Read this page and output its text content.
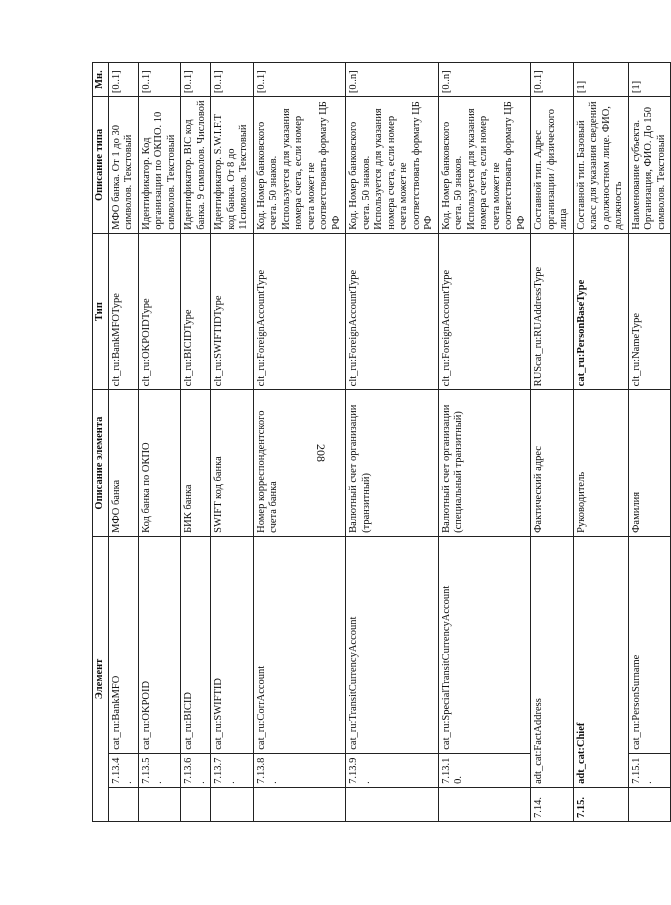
208
Элемент			Описание элемента	Тип	Описание типа	Мн.
	7.13.4.	cat_ru:BankMFO	МФО банка	clt_ru:BankMFOType	МФО банка. От 1 до 30 символов. Текстовый	[0..1]
	7.13.5.	cat_ru:OKPOID	Код банка по ОКПО	clt_ru:OKPOIDType	Идентификатор. Код организации по ОКПО. 10 символов. Текстовый	[0..1]
	7.13.6.	cat_ru:BICID	БИК банка	clt_ru:BICIDType	Идентификатор. BIC код банка. 9 символов. Числовой	[0..1]
	7.13.7.	cat_ru:SWIFTID	SWIFT код банка	clt_ru:SWIFTIDType	Идентификатор. S.W.I.F.T код банка. От 8 до 11символов. Текстовый	[0..1]
	7.13.8.	cat_ru:CorrAccount	Номер корреспондентского счета банка	clt_ru:ForeignAccountType	Код. Номер банковского счета. 50 знаков. Используется для указания номера счета, если номер счета может не соответствовать формату ЦБ РФ	[0..1]
	7.13.9.	cat_ru:TransitCurrencyAccount	Валютный счет организации (транзитный)	clt_ru:ForeignAccountType	Код. Номер банковского счета. 50 знаков. Используется для указания номера счета, если номер счета может не соответствовать формату ЦБ РФ	[0..n]
	7.13.10.	cat_ru:SpecialTransitCurrencyAccount	Валютный счет организации (специальный транзитный)	clt_ru:ForeignAccountType	Код. Номер банковского счета. 50 знаков. Используется для указания номера счета, если номер счета может не соответствовать формату ЦБ РФ	[0..n]
7.14.	adt_cat:FactAddress		Фактический адрес	RUScat_ru:RUAddressType	Составной тип. Адрес организации / физического лица	[0..1]
7.15.	adt_cat:Chief		Руководитель	cat_ru:PersonBaseType	Составной тип. Базовый класс для указания сведений о должностном лице. ФИО, должность	[1]
	7.15.1.	cat_ru:PersonSurname	Фамилия	clt_ru:NameType	Наименование субъекта. Организация, ФИО. До 150 символов. Текстовый	[1]
